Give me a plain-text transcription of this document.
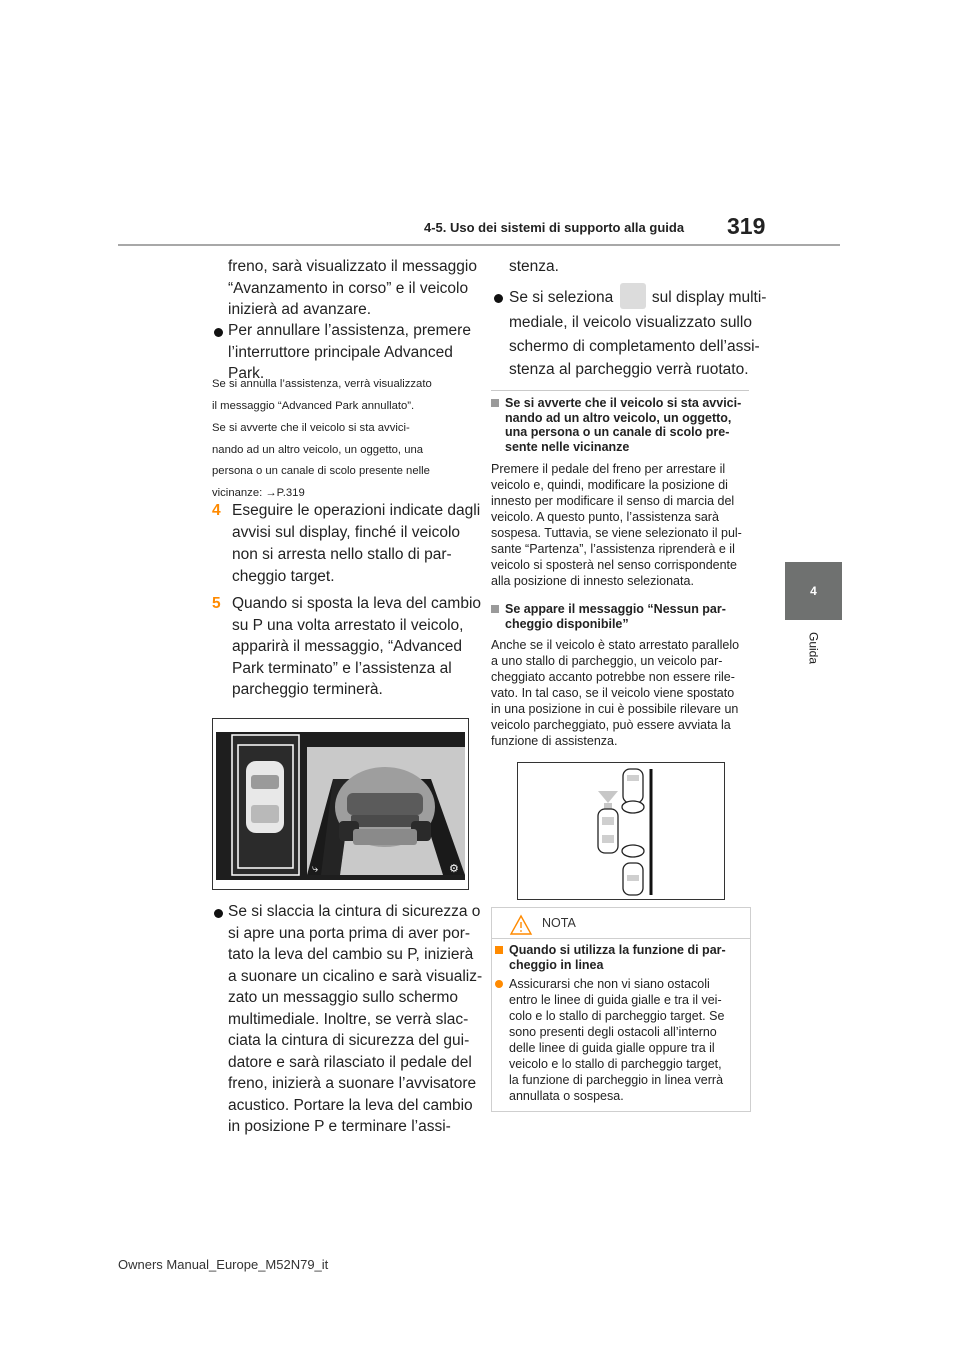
4-5. Uso dei sistemi di supporto alla guida 319
4
Guida
freno, sarà visualizzato il messaggio
“Avanzamento in corso” e il veicolo
inizierà ad avanzare.
Per annullare l’assistenza, premere
l’interruttore principale Advanced
Park.
Se si annulla l’assistenza, verrà visualizzato
il messaggio “Advanced Park annullato”.
Se si avverte che il veicolo si sta avvici-
nando ad un altro veicolo, un oggetto, una
persona o un canale di scolo presente nelle
vicinanze: →P.319
4 Eseguire le operazioni indicate dagli
avvisi sul display, finché il veicolo
non si arresta nello stallo di par-
cheggio target.
5 Quando si sposta la leva del cambio
su P una volta arrestato il veicolo,
apparirà il messaggio, “Advanced
Park terminato” e l’assistenza al
parcheggio terminerà.
⤷	⚙
Se si slaccia la cintura di sicurezza o
si apre una porta prima di aver por-
tato la leva del cambio su P, inizierà
a suonare un cicalino e sarà visualiz-
zato un messaggio sullo schermo
multimediale. Inoltre, se verrà slac-
ciata la cintura di sicurezza del gui-
datore e sarà rilasciato il pedale del
freno, inizierà a suonare l’avvisatore
acustico. Portare la leva del cambio
in posizione P e terminare l’assi-
stenza.
Se si seleziona sul display multi-
mediale, il veicolo visualizzato sullo
schermo di completamento dell’assi-
stenza al parcheggio verrà ruotato.
Se si avverte che il veicolo si sta avvici-
nando ad un altro veicolo, un oggetto,
una persona o un canale di scolo pre-
sente nelle vicinanze
Premere il pedale del freno per arrestare il
veicolo e, quindi, modificare la posizione di
innesto per modificare il senso di marcia del
veicolo. A questo punto, l’assistenza sarà
sospesa. Tuttavia, se viene selezionato il pul-
sante “Partenza”, l’assistenza riprenderà e il
veicolo si sposterà nel senso corrispondente
alla posizione di innesto selezionata.
Se appare il messaggio “Nessun par-
cheggio disponibile”
Anche se il veicolo è stato arrestato parallelo
a uno stallo di parcheggio, un veicolo par-
cheggiato accanto potrebbe non essere rile-
vato. In tal caso, se il veicolo viene spostato
in una posizione in cui è possibile rilevare un
veicolo parcheggiato, può essere avviata la
funzione di assistenza.
NOTA
Quando si utilizza la funzione di par-
cheggio in linea
Assicurarsi che non vi siano ostacoli
entro le linee di guida gialle e tra il vei-
colo e lo stallo di parcheggio target. Se
sono presenti degli ostacoli all’interno
delle linee di guida gialle oppure tra il
veicolo e lo stallo di parcheggio target,
la funzione di parcheggio in linea verrà
annullata o sospesa.
Owners Manual_Europe_M52N79_it
